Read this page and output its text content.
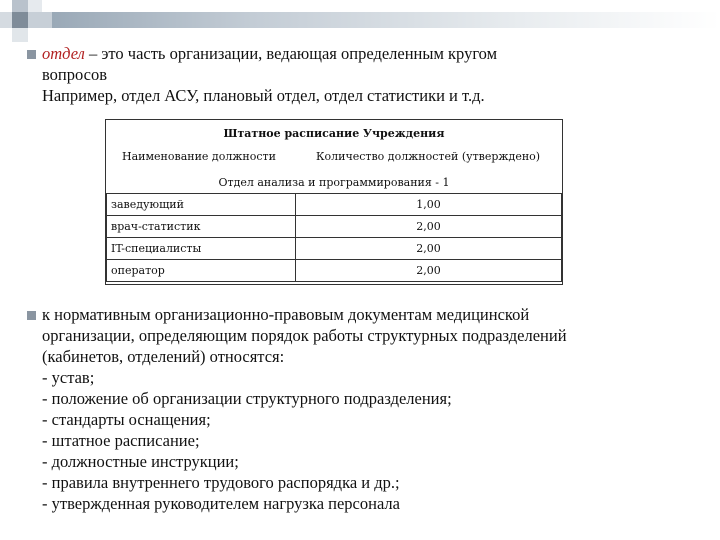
отдел – это часть организации, ведающая определенным кругом
вопросов
Например, отдел АСУ, плановый отдел, отдел статистики и т.д.
Штатное расписание Учреждения
Наименование должности	Количество должностей (утверждено)
Отдел анализа и программирования - 1
заведующий	1,00
врач-статистик	2,00
IT-специалисты	2,00
оператор	2,00
к нормативным организационно-правовым документам медицинской
организации, определяющим порядок работы структурных подразделений
(кабинетов, отделений) относятся:
- устав;
- положение об организации структурного подразделения;
- стандарты оснащения;
- штатное расписание;
- должностные инструкции;
- правила внутреннего трудового распорядка и др.;
- утвержденная руководителем нагрузка персонала
